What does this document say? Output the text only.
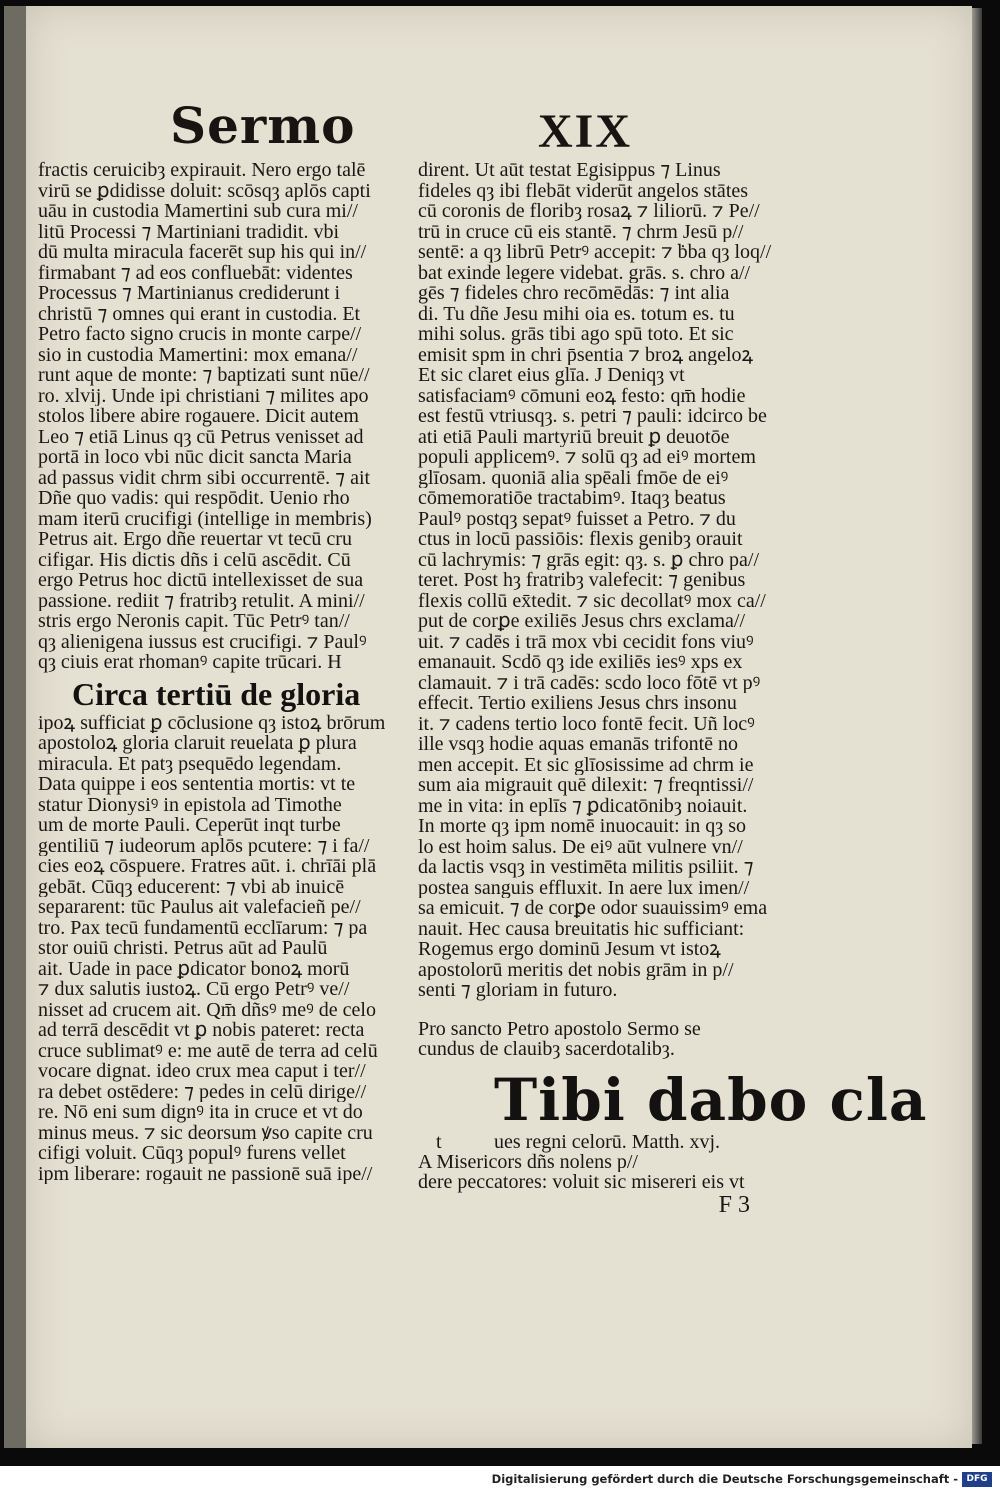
Sermo	XIX
fractis ceruicibȝ expirauit. Nero ergo talē
virū se ꝑdidisse doluit: scōsqȝ aplōs capti
uāu in custodia Mamertini sub cura mi//
litū Processi ⁊ Martiniani tradidit. vbi
dū multa miracula facerēt sup his qui in//
firmabant ⁊ ad eos confluebāt: videntes
Processus ⁊ Martinianus crediderunt i
christū ⁊ omnes qui erant in custodia. Et
Petro facto signo crucis in monte carpe//
sio in custodia Mamertini: mox emana//
runt aque de monte: ⁊ baptizati sunt nūe//
ro. xlvij. Unde ipi christiani ⁊ milites apo
stolos libere abire rogauere. Dicit autem
Leo ⁊ etiā Linus qȝ cū Petrus venisset ad
portā in loco vbi nūc dicit sancta Maria
ad passus vidit chrm sibi occurrentē. ⁊ ait
Dñe quo vadis: qui respōdit. Uenio rho
mam iterū crucifigi (intellige in membris)
Petrus ait. Ergo dñe reuertar vt tecū cru
cifigar. His dictis dñs i celū ascēdit. Cū
ergo Petrus hoc dictū intellexisset de sua
passione. rediit ⁊ fratribȝ retulit. A mini//
stris ergo Neronis capit. Tūc Petrꝰ tan//
qȝ alienigena iussus est crucifigi. ⁊ Paulꝰ
qȝ ciuis erat rhomanꝰ capite trūcari. H
Circa tertiū de gloria
ipoꝝ sufficiat ꝑ cōclusione qȝ istoꝝ brōrum
apostoloꝝ gloria claruit reuelata ꝑ plura
miracula. Et patȝ psequēdo legendam.
Data quippe i eos sententia mortis: vt te
statur Dionysiꝰ in epistola ad Timothe
um de morte Pauli. Ceperūt inqt turbe
gentiliū ⁊ iudeorum aplōs pcutere: ⁊ i fa//
cies eoꝝ cōspuere. Fratres aūt. i. chrīāi plā
gebāt. Cūqȝ educerent: ⁊ vbi ab inuicē
separarent: tūc Paulus ait valefacieñ pe//
tro. Pax tecū fundamentū ecclīarum: ⁊ pa
stor ouiū christi. Petrus aūt ad Paulū
ait. Uade in pace ꝑdicator bonoꝝ morū
⁊ dux salutis iustoꝝ. Cū ergo Petrꝰ ve//
nisset ad crucem ait. Qm̄ dñsꝰ meꝰ de celo
ad terrā descēdit vt ꝑ nobis pateret: recta
cruce sublimatꝰ e: me autē de terra ad celū
vocare dignat. ideo crux mea caput i ter//
ra debet ostēdere: ⁊ pedes in celū dirige//
re. Nō eni sum dignꝰ ita in cruce et vt do
minus meus. ⁊ sic deorsum ꝟso capite cru
cifigi voluit. Cūqȝ populꝰ furens vellet
ipm liberare: rogauit ne passionē suā ipe//
dirent. Ut aūt testat Egisippus ⁊ Linus
fideles qȝ ibi flebāt viderūt angelos stātes
cū coronis de floribȝ rosaꝝ ⁊ liliorū. ⁊ Pe//
trū in cruce cū eis stantē. ⁊ chrm Jesū p//
sentē: a qȝ librū Petrꝰ accepit: ⁊ ḃba qȝ loq//
bat exinde legere videbat. grās. s. chro a//
gēs ⁊ fideles chro recōmēdās: ⁊ int alia
di. Tu dñe Jesu mihi oia es. totum es. tu
mihi solus. grās tibi ago spū toto. Et sic
emisit spm in chri p̄sentia ⁊ broꝝ angeloꝝ
Et sic claret eius glīa. J Deniqȝ vt
satisfaciamꝰ cōmuni eoꝝ festo: qm̄ hodie
est festū vtriusqȝ. s. petri ⁊ pauli: idcirco be
ati etiā Pauli martyriū breuit ꝑ deuotōe
populi applicemꝰ. ⁊ solū qȝ ad eiꝰ mortem
glīosam. quoniā alia spēali fmōe de eiꝰ
cōmemoratiōe tractabimꝰ. Itaqȝ beatus
Paulꝰ postqȝ sepatꝰ fuisset a Petro. ⁊ du
ctus in locū passiōis: flexis genibȝ orauit
cū lachrymis: ⁊ grās egit: qȝ. s. ꝑ chro pa//
teret. Post hȝ fratribȝ valefecit: ⁊ genibus
flexis collū ex̄tedit. ⁊ sic decollatꝰ mox ca//
put de corꝑe exiliēs Jesus chrs exclama//
uit. ⁊ cadēs i trā mox vbi cecidit fons viuꝰ
emanauit. Scdō qȝ ide exiliēs iesꝰ xps ex
clamauit. ⁊ i trā cadēs: scdo loco fōtē vt pꝰ
effecit. Tertio exiliens Jesus chrs insonu
it. ⁊ cadens tertio loco fontē fecit. Uñ locꝰ
ille vsqȝ hodie aquas emanās trifontē no
men accepit. Et sic glīosissime ad chrm ie
sum aia migrauit quē dilexit: ⁊ freqntissi//
me in vita: in eplīs ⁊ ꝑdicatōnibȝ noiauit.
In morte qȝ ipm nomē inuocauit: in qȝ so
lo est hoim salus. De eiꝰ aūt vulnere vn//
da lactis vsqȝ in vestimēta militis psiliit. ⁊
postea sanguis effluxit. In aere lux imen//
sa emicuit. ⁊ de corꝑe odor suauissimꝰ ema
nauit. Hec causa breuitatis hic sufficiant:
Rogemus ergo dominū Jesum vt istoꝝ
apostolorū meritis det nobis grām in p//
senti ⁊ gloriam in futuro.
Pro sancto Petro apostolo Sermo se
cundus de clauibȝ sacerdotalibȝ.
Tibi dabo cla
t	ues regni celorū. Matth. xvj.
A Misericors dñs nolens p//
dere peccatores: voluit sic misereri eis vt
F 3
Digitalisierung gefördert durch die Deutsche Forschungsgemeinschaft - DFG
